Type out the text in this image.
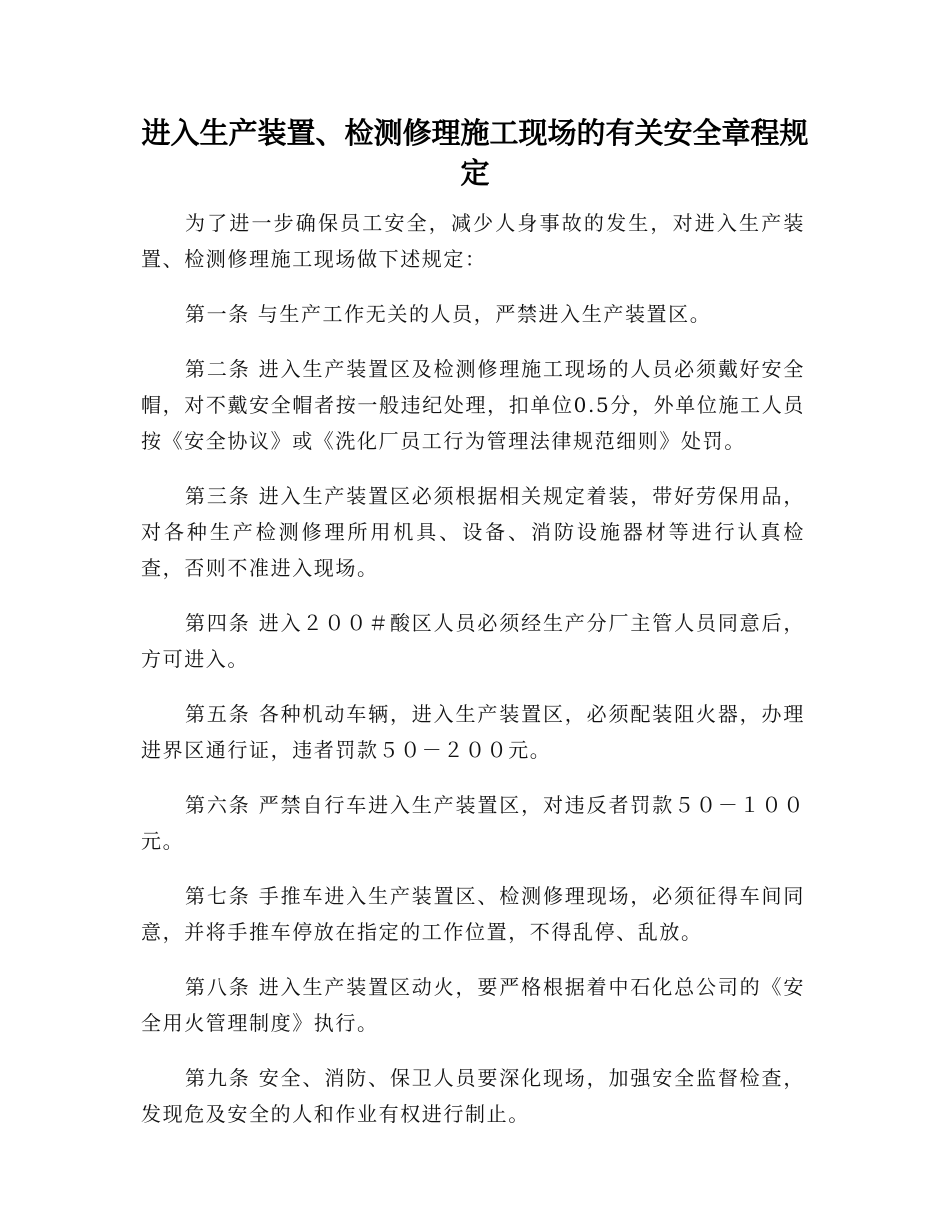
进入生产装置、检测修理施工现场的有关安全章程规定

为了进一步确保员工安全，减少人身事故的发生，对进入生产装置、检测修理施工现场做下述规定：

第一条 与生产工作无关的人员，严禁进入生产装置区。

第二条 进入生产装置区及检测修理施工现场的人员必须戴好安全帽，对不戴安全帽者按一般违纪处理，扣单位0.5分，外单位施工人员按《安全协议》或《洗化厂员工行为管理法律规范细则》处罚。

第三条 进入生产装置区必须根据相关规定着装，带好劳保用品，对各种生产检测修理所用机具、设备、消防设施器材等进行认真检查，否则不准进入现场。

第四条 进入２００＃酸区人员必须经生产分厂主管人员同意后，方可进入。

第五条 各种机动车辆，进入生产装置区，必须配装阻火器，办理进界区通行证，违者罚款５０－２００元。

第六条 严禁自行车进入生产装置区，对违反者罚款５０－１００元。

第七条 手推车进入生产装置区、检测修理现场，必须征得车间同意，并将手推车停放在指定的工作位置，不得乱停、乱放。

第八条 进入生产装置区动火，要严格根据着中石化总公司的《安全用火管理制度》执行。

第九条 安全、消防、保卫人员要深化现场，加强安全监督检查，发现危及安全的人和作业有权进行制止。
